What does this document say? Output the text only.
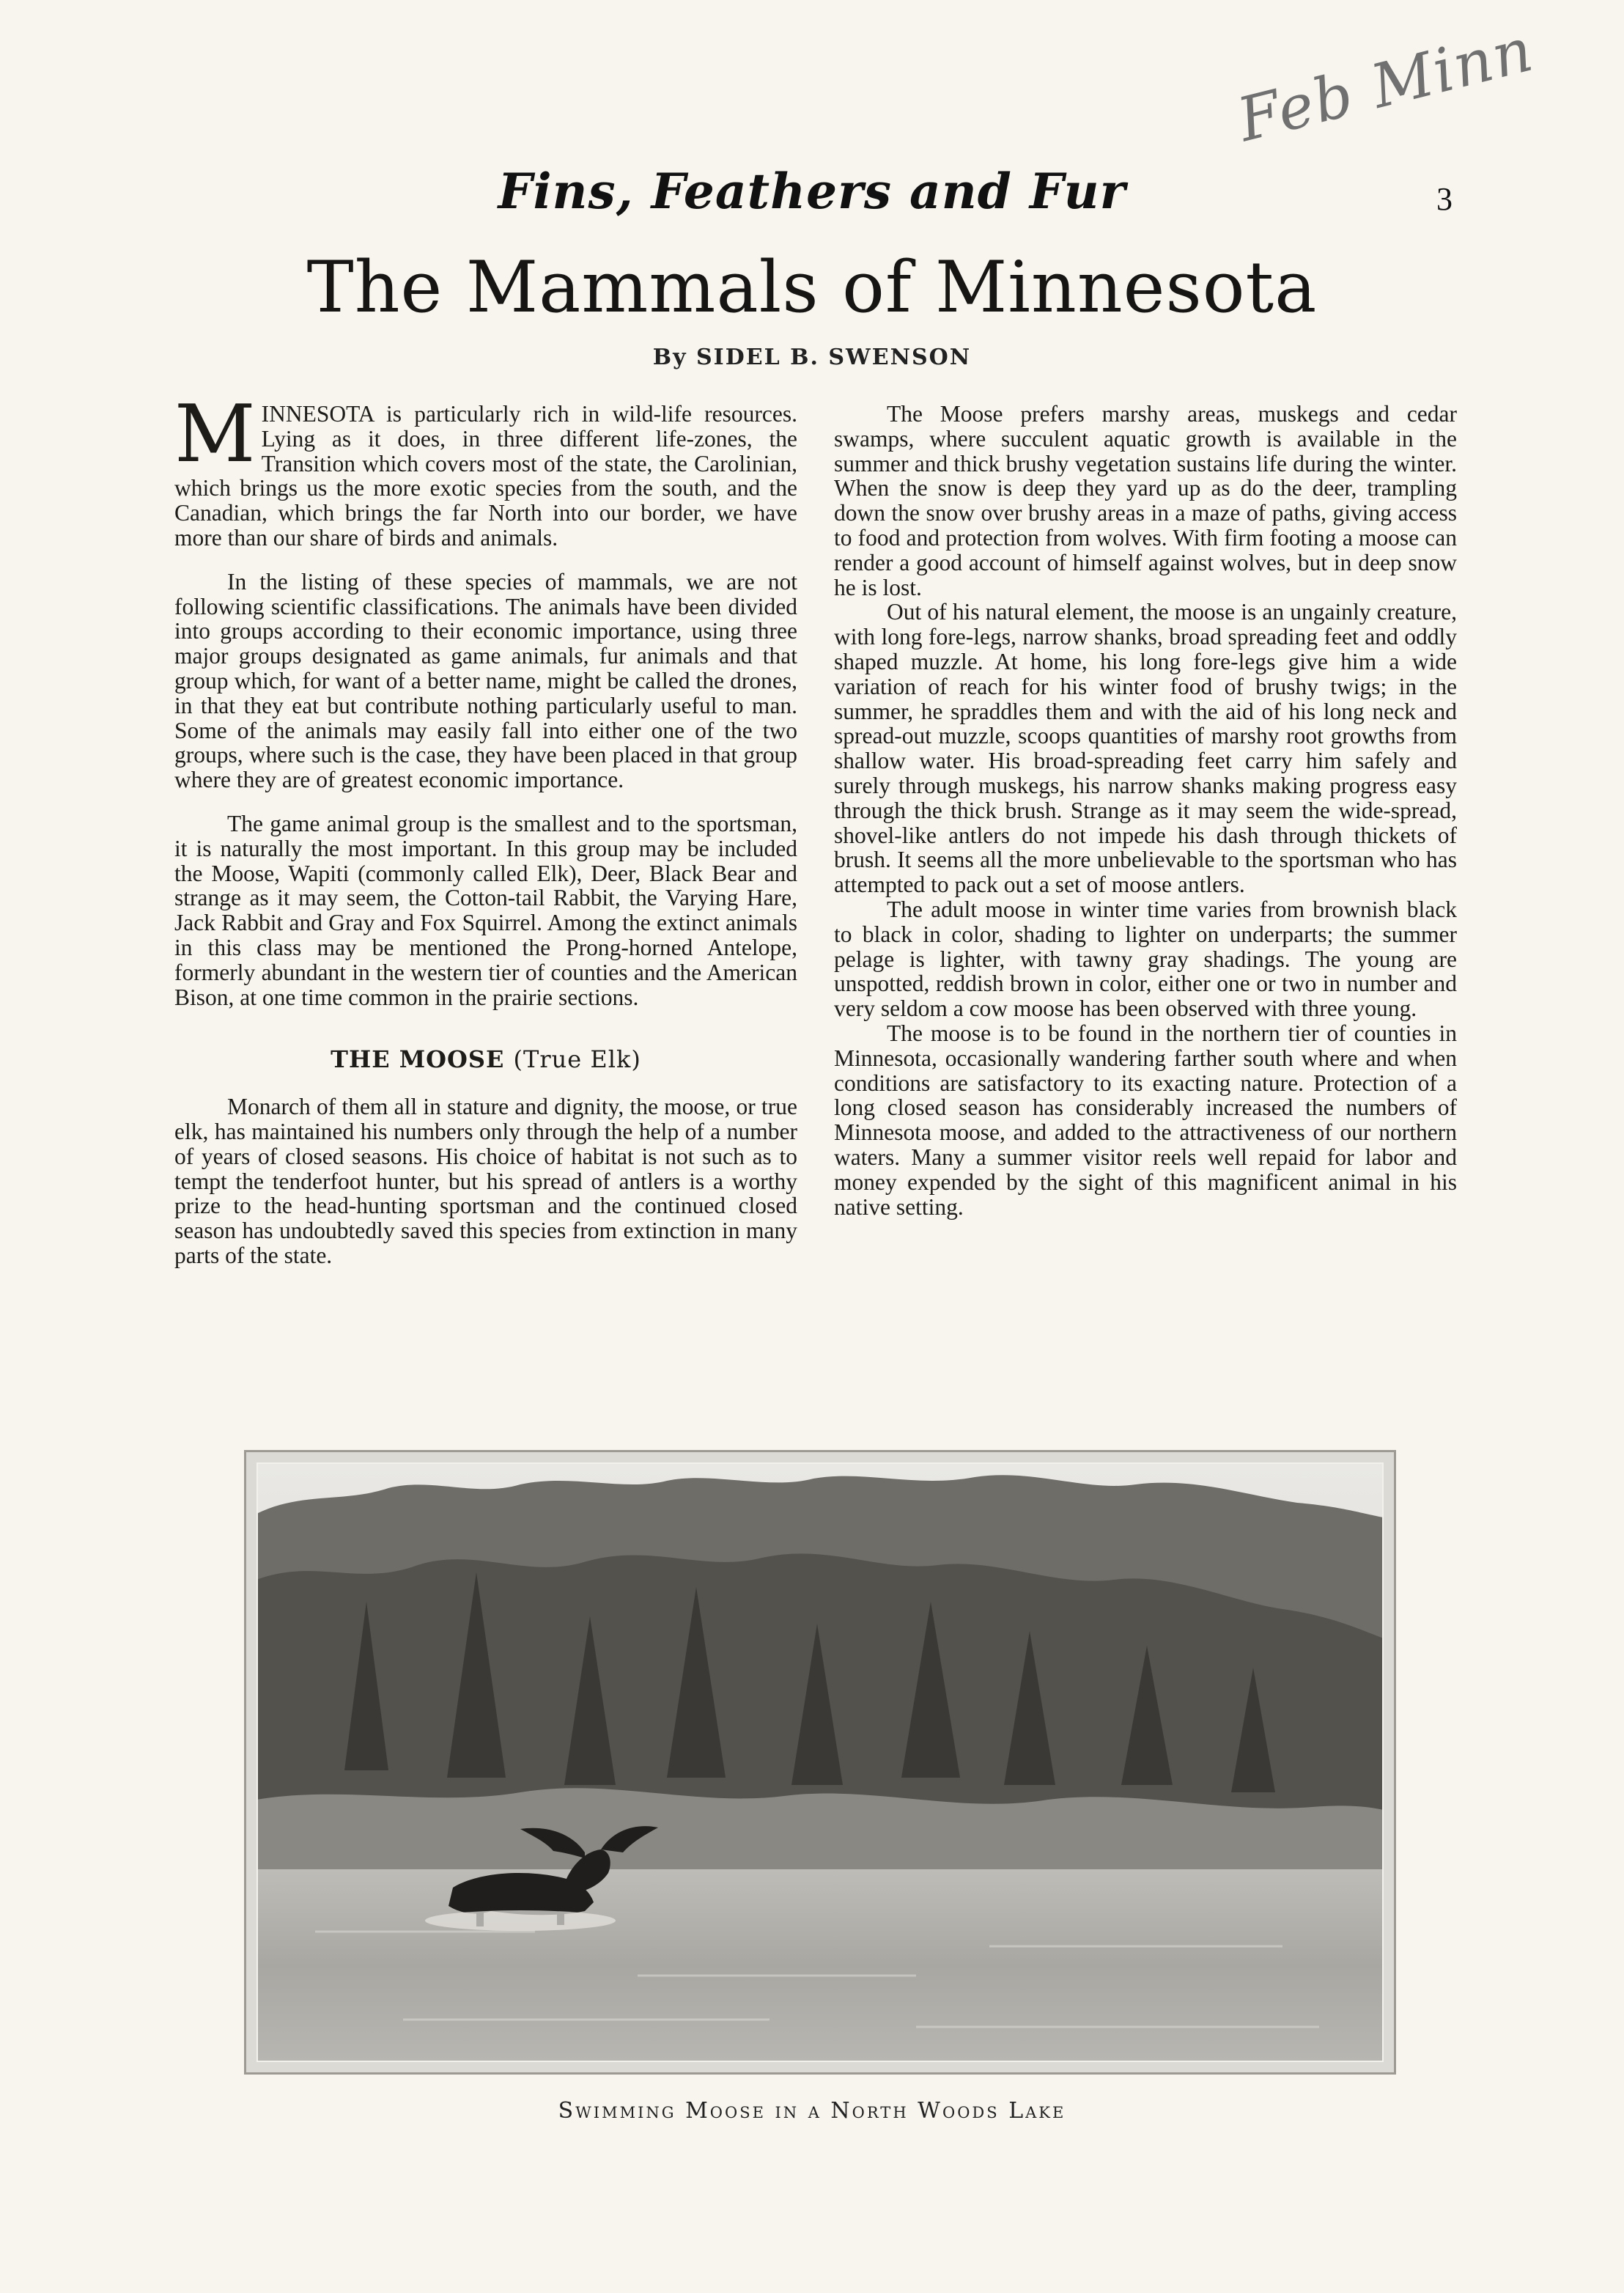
Feb Minn
Fins, Feathers and Fur	3
The Mammals of Minnesota
By SIDEL B. SWENSON

MINNESOTA is particularly rich in wild-life resources. Lying as it does, in three different life-zones, the Transition which covers most of the state, the Carolinian, which brings us the more exotic species from the south, and the Canadian, which brings the far North into our border, we have more than our share of birds and animals.

In the listing of these species of mammals, we are not following scientific classifications. The animals have been divided into groups according to their economic importance, using three major groups designated as game animals, fur animals and that group which, for want of a better name, might be called the drones, in that they eat but contribute nothing particularly useful to man. Some of the animals may easily fall into either one of the two groups, where such is the case, they have been placed in that group where they are of greatest economic importance.

The game animal group is the smallest and to the sportsman, it is naturally the most important. In this group may be included the Moose, Wapiti (commonly called Elk), Deer, Black Bear and strange as it may seem, the Cotton-tail Rabbit, the Varying Hare, Jack Rabbit and Gray and Fox Squirrel. Among the extinct animals in this class may be mentioned the Prong-horned Antelope, formerly abundant in the western tier of counties and the American Bison, at one time common in the prairie sections.

THE MOOSE (True Elk)

Monarch of them all in stature and dignity, the moose, or true elk, has maintained his numbers only through the help of a number of years of closed seasons. His choice of habitat is not such as to tempt the tenderfoot hunter, but his spread of antlers is a worthy prize to the head-hunting sportsman and the continued closed season has undoubtedly saved this species from extinction in many parts of the state.

The Moose prefers marshy areas, muskegs and cedar swamps, where succulent aquatic growth is available in the summer and thick brushy vegetation sustains life during the winter. When the snow is deep they yard up as do the deer, trampling down the snow over brushy areas in a maze of paths, giving access to food and protection from wolves. With firm footing a moose can render a good account of himself against wolves, but in deep snow he is lost.

Out of his natural element, the moose is an ungainly creature, with long fore-legs, narrow shanks, broad spreading feet and oddly shaped muzzle. At home, his long fore-legs give him a wide variation of reach for his winter food of brushy twigs; in the summer, he spraddles them and with the aid of his long neck and spread-out muzzle, scoops quantities of marshy root growths from shallow water. His broad-spreading feet carry him safely and surely through muskegs, his narrow shanks making progress easy through the thick brush. Strange as it may seem the wide-spread, shovel-like antlers do not impede his dash through thickets of brush. It seems all the more unbelievable to the sportsman who has attempted to pack out a set of moose antlers.

The adult moose in winter time varies from brownish black to black in color, shading to lighter on underparts; the summer pelage is lighter, with tawny gray shadings. The young are unspotted, reddish brown in color, either one or two in number and very seldom a cow moose has been observed with three young.

The moose is to be found in the northern tier of counties in Minnesota, occasionally wandering farther south where and when conditions are satisfactory to its exacting nature. Protection of a long closed season has considerably increased the numbers of Minnesota moose, and added to the attractiveness of our northern waters. Many a summer visitor reels well repaid for labor and money expended by the sight of this magnificent animal in his native setting.

Swimming Moose in a North Woods Lake
